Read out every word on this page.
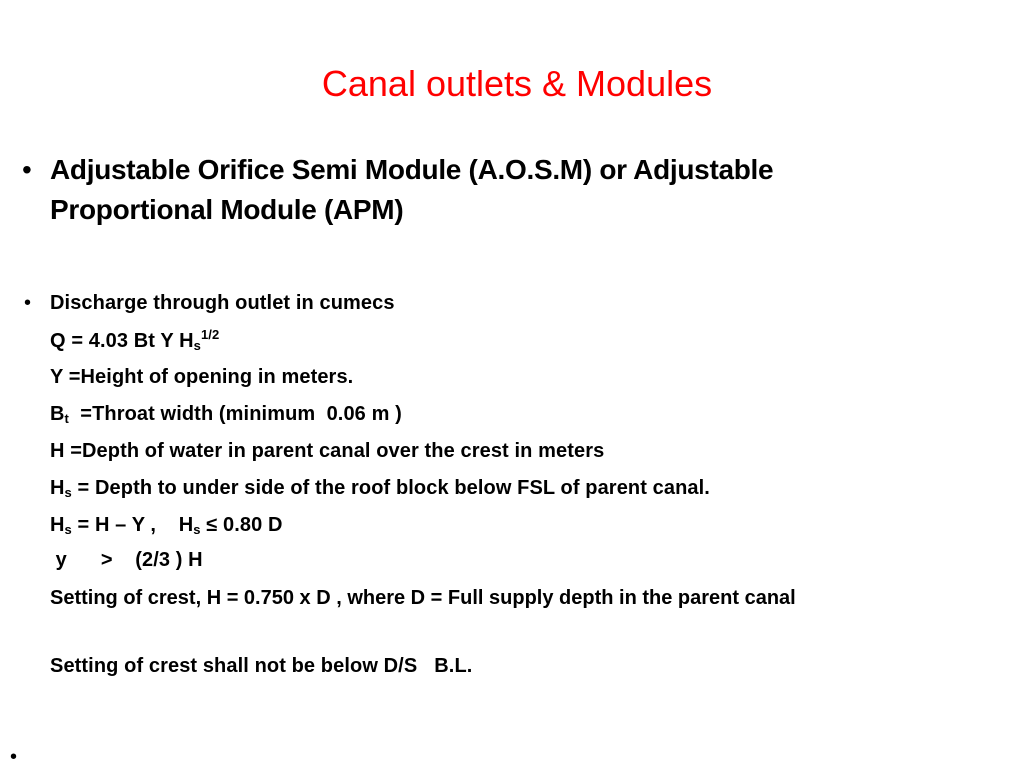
Canal outlets & Modules
• Adjustable Orifice Semi Module (A.O.S.M) or Adjustable
Proportional Module (APM)
• Discharge through outlet in cumecs
Q = 4.03 Bt Y $H_s^{1/2}$
Y =Height of opening in meters.
$B_t$  =Throat width (minimum  0.06 m )
H =Depth of water in parent canal over the crest in meters
$H_s$ = Depth to under side of the roof block below FSL of parent canal.
$H_s = H - Y$ ,    $H_s \le 0.80$ D
y      >    (2/3 ) H
Setting of crest, H = 0.750 x D , where D = Full supply depth in the parent canal
Setting of crest shall not be below D/S   B.L.
•
